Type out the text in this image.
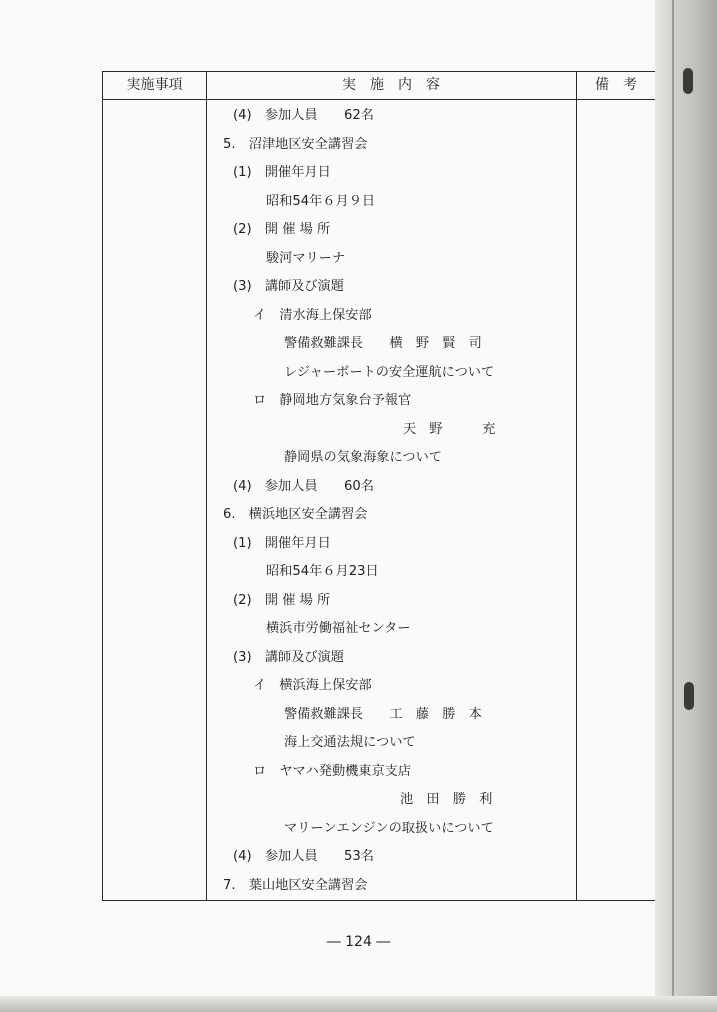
実施事項	実　施　内　容	備　考
(4)　参加人員　　62名
5.　沼津地区安全講習会
(1)　開催年月日
昭和54年６月９日
(2)　開 催 場 所
駿河マリーナ
(3)　講師及び演題
イ　清水海上保安部
警備救難課長　　横　野　賢　司
レジャーボートの安全運航について
ロ　静岡地方気象台予報官
天　野　　　充
静岡県の気象海象について
(4)　参加人員　　60名
6.　横浜地区安全講習会
(1)　開催年月日
昭和54年６月23日
(2)　開 催 場 所
横浜市労働福祉センター
(3)　講師及び演題
イ　横浜海上保安部
警備救難課長　　工　藤　勝　本
海上交通法規について
ロ　ヤマハ発動機東京支店
池　田　勝　利
マリーンエンジンの取扱いについて
(4)　参加人員　　53名
7.　葉山地区安全講習会
― 124 ―
